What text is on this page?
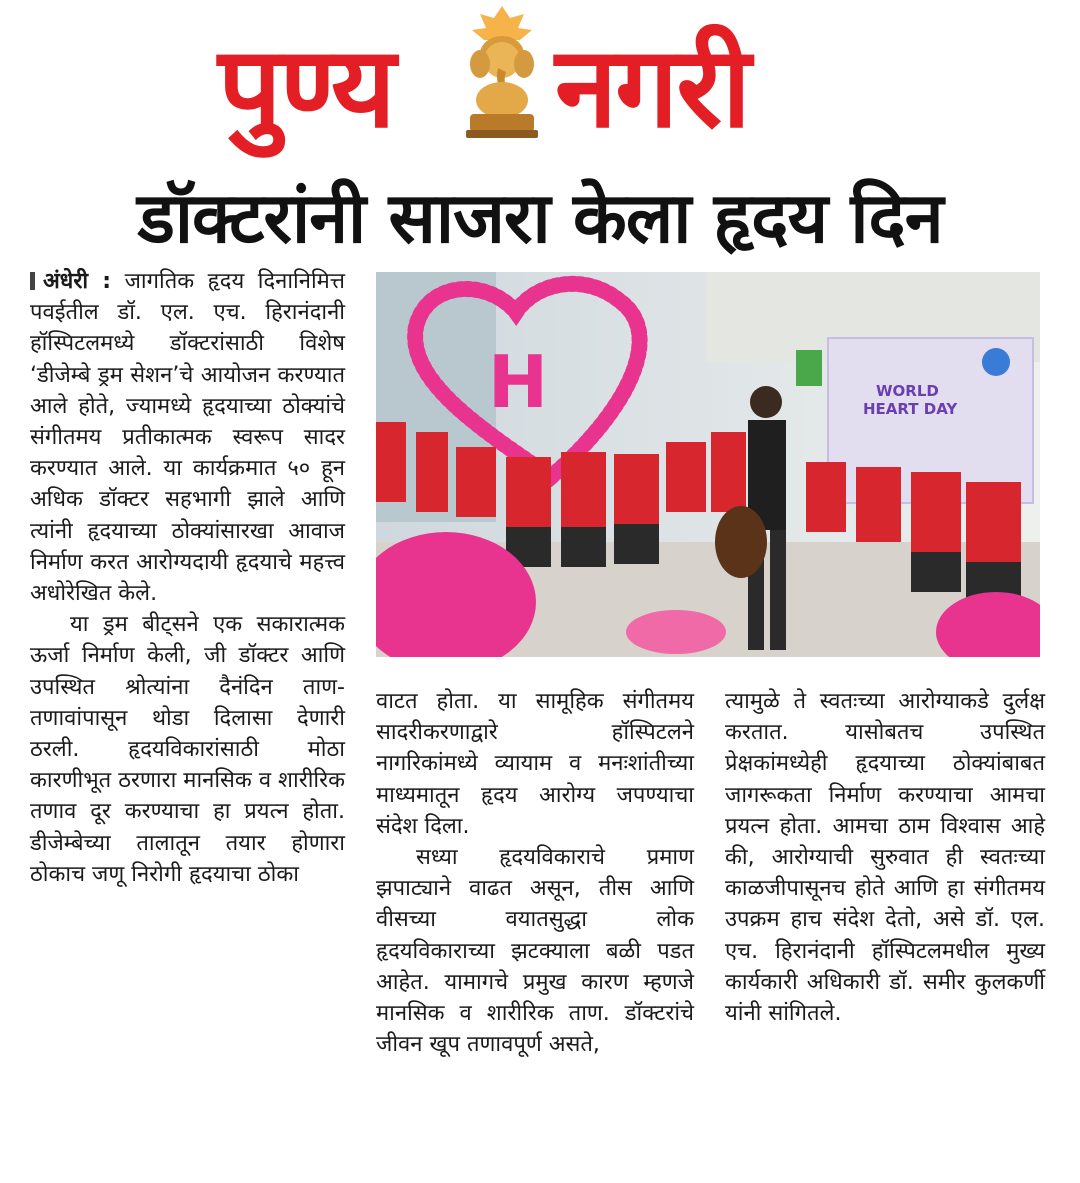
पुण्य नगरी
डॉक्टरांनी साजरा केला हृदय दिन

अंधेरी : जागतिक हृदय दिनानिमित्त पवईतील डॉ. एल. एच. हिरानंदानी हॉस्पिटलमध्ये डॉक्टरांसाठी विशेष ‘डीजेम्बे ड्रम सेशन’चे आयोजन करण्यात आले होते, ज्यामध्ये हृदयाच्या ठोक्यांचे संगीतमय प्रतीकात्मक स्वरूप सादर करण्यात आले. या कार्यक्रमात ५० हून अधिक डॉक्टर सहभागी झाले आणि त्यांनी हृदयाच्या ठोक्यांसारखा आवाज निर्माण करत आरोग्यदायी हृदयाचे महत्त्व अधोरेखित केले.

या ड्रम बीट्सने एक सकारात्मक ऊर्जा निर्माण केली, जी डॉक्टर आणि उपस्थित श्रोत्यांना दैनंदिन ताण-तणावांपासून थोडा दिलासा देणारी ठरली. हृदयविकारांसाठी मोठा कारणीभूत ठरणारा मानसिक व शारीरिक तणाव दूर करण्याचा हा प्रयत्न होता. डीजेम्बेच्या तालातून तयार होणारा ठोकाच जणू निरोगी हृदयाचा ठोका

H	WORLD
HEART DAY

वाटत होता. या सामूहिक संगीतमय सादरीकरणाद्वारे हॉस्पिटलने नागरिकांमध्ये व्यायाम व मनःशांतीच्या माध्यमातून हृदय आरोग्य जपण्याचा संदेश दिला.

सध्या हृदयविकाराचे प्रमाण झपाट्याने वाढत असून, तीस आणि वीसच्या वयातसुद्धा लोक हृदयविकाराच्या झटक्याला बळी पडत आहेत. यामागचे प्रमुख कारण म्हणजे मानसिक व शारीरिक ताण. डॉक्टरांचे जीवन खूप तणावपूर्ण असते,

त्यामुळे ते स्वतःच्या आरोग्याकडे दुर्लक्ष करतात. यासोबतच उपस्थित प्रेक्षकांमध्येही हृदयाच्या ठोक्यांबाबत जागरूकता निर्माण करण्याचा आमचा प्रयत्न होता. आमचा ठाम विश्वास आहे की, आरोग्याची सुरुवात ही स्वतःच्या काळजीपासूनच होते आणि हा संगीतमय उपक्रम हाच संदेश देतो, असे डॉ. एल. एच. हिरानंदानी हॉस्पिटलमधील मुख्य कार्यकारी अधिकारी डॉ. समीर कुलकर्णी यांनी सांगितले.
